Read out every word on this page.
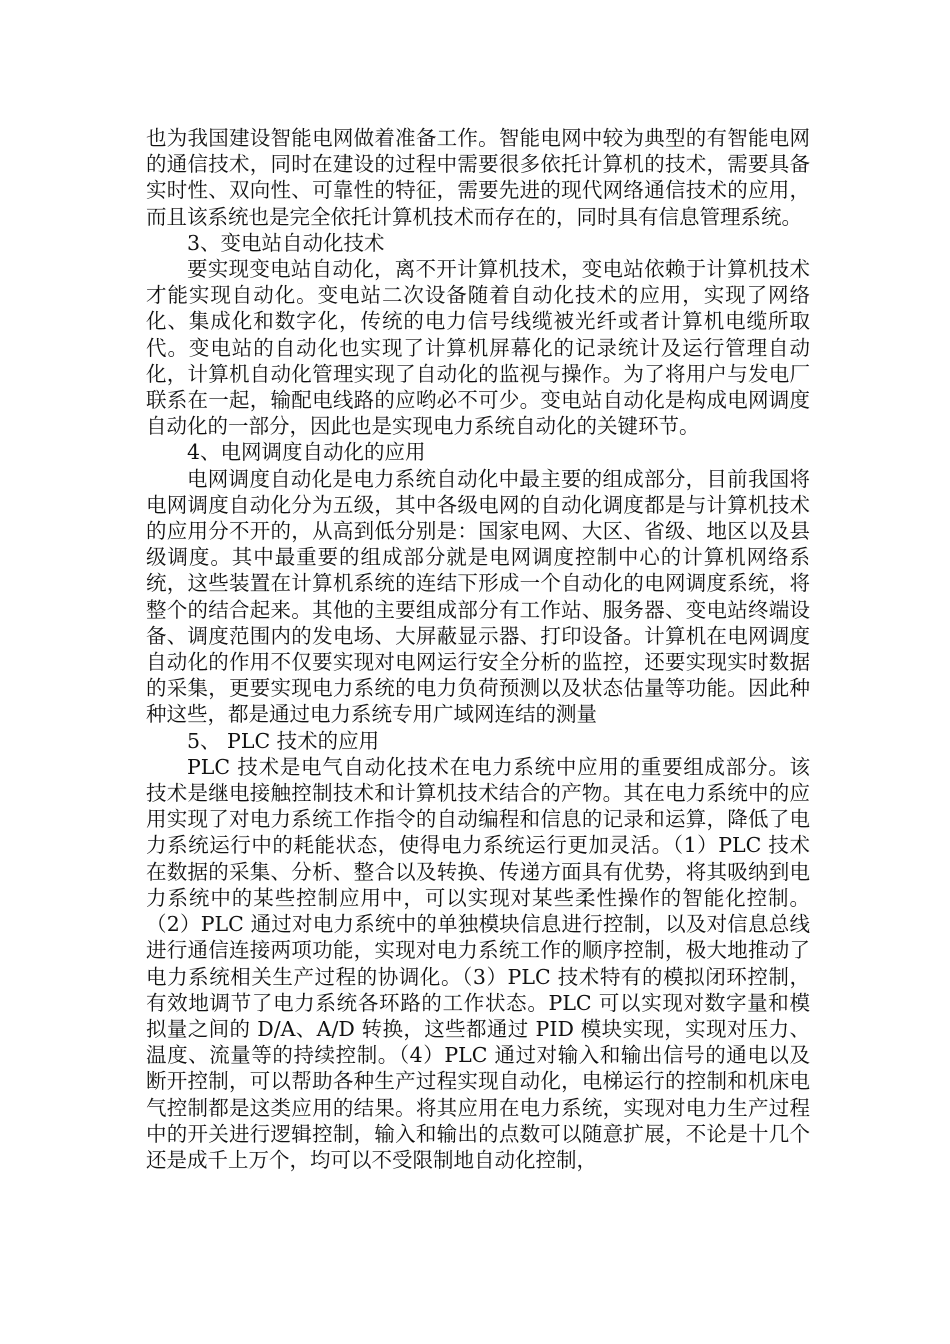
也为我国建设智能电网做着准备工作。智能电网中较为典型的有智能电网的通信技术，同时在建设的过程中需要很多依托计算机的技术，需要具备实时性、双向性、可靠性的特征，需要先进的现代网络通信技术的应用，而且该系统也是完全依托计算机技术而存在的，同时具有信息管理系统。

3、变电站自动化技术

要实现变电站自动化，离不开计算机技术，变电站依赖于计算机技术才能实现自动化。变电站二次设备随着自动化技术的应用，实现了网络化、集成化和数字化，传统的电力信号线缆被光纤或者计算机电缆所取代。变电站的自动化也实现了计算机屏幕化的记录统计及运行管理自动化，计算机自动化管理实现了自动化的监视与操作。为了将用户与发电厂联系在一起，输配电线路的应哟必不可少。变电站自动化是构成电网调度自动化的一部分，因此也是实现电力系统自动化的关键环节。

4、电网调度自动化的应用

电网调度自动化是电力系统自动化中最主要的组成部分，目前我国将电网调度自动化分为五级，其中各级电网的自动化调度都是与计算机技术的应用分不开的，从高到低分别是：国家电网、大区、省级、地区以及县级调度。其中最重要的组成部分就是电网调度控制中心的计算机网络系统，这些装置在计算机系统的连结下形成一个自动化的电网调度系统，将整个的结合起来。其他的主要组成部分有工作站、服务器、变电站终端设备、调度范围内的发电场、大屏蔽显示器、打印设备。计算机在电网调度自动化的作用不仅要实现对电网运行安全分析的监控，还要实现实时数据的采集，更要实现电力系统的电力负荷预测以及状态估量等功能。因此种种这些，都是通过电力系统专用广域网连结的测量

5、 PLC 技术的应用

PLC 技术是电气自动化技术在电力系统中应用的重要组成部分。该技术是继电接触控制技术和计算机技术结合的产物。其在电力系统中的应用实现了对电力系统工作指令的自动编程和信息的记录和运算，降低了电力系统运行中的耗能状态，使得电力系统运行更加灵活。（1）PLC 技术在数据的采集、分析、整合以及转换、传递方面具有优势，将其吸纳到电力系统中的某些控制应用中，可以实现对某些柔性操作的智能化控制。（2）PLC 通过对电力系统中的单独模块信息进行控制，以及对信息总线进行通信连接两项功能，实现对电力系统工作的顺序控制，极大地推动了电力系统相关生产过程的协调化。（3）PLC 技术特有的模拟闭环控制，有效地调节了电力系统各环路的工作状态。PLC 可以实现对数字量和模拟量之间的 D/A、A/D 转换，这些都通过 PID 模块实现，实现对压力、温度、流量等的持续控制。（4）PLC 通过对输入和输出信号的通电以及断开控制，可以帮助各种生产过程实现自动化，电梯运行的控制和机床电气控制都是这类应用的结果。将其应用在电力系统，实现对电力生产过程中的开关进行逻辑控制，输入和输出的点数可以随意扩展，不论是十几个还是成千上万个，均可以不受限制地自动化控制，
